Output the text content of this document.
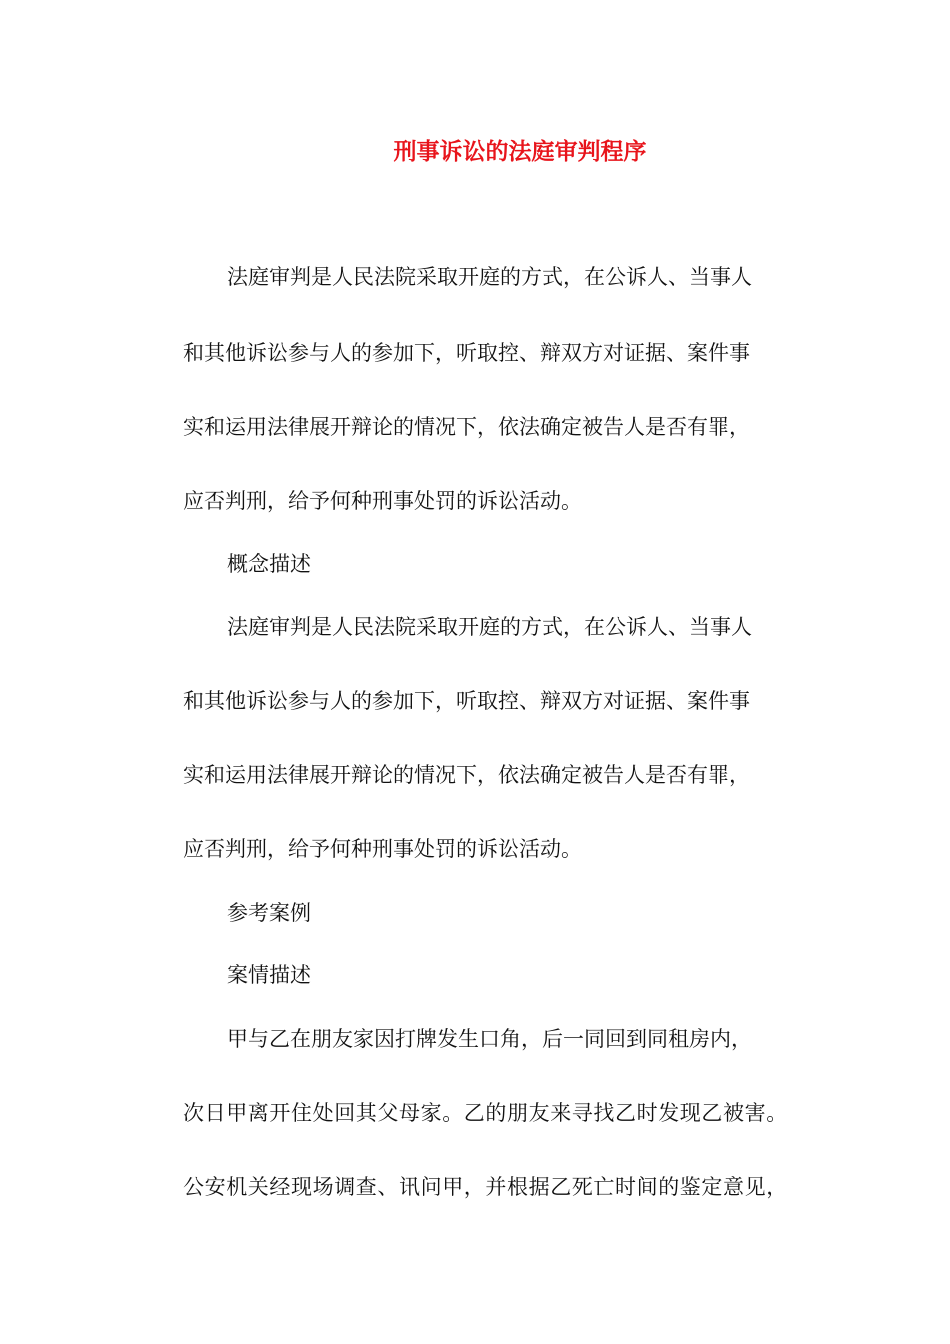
刑事诉讼的法庭审判程序

法庭审判是人民法院采取开庭的方式，在公诉人、当事人

和其他诉讼参与人的参加下，听取控、辩双方对证据、案件事

实和运用法律展开辩论的情况下，依法确定被告人是否有罪，

应否判刑，给予何种刑事处罚的诉讼活动。

概念描述

法庭审判是人民法院采取开庭的方式，在公诉人、当事人

和其他诉讼参与人的参加下，听取控、辩双方对证据、案件事

实和运用法律展开辩论的情况下，依法确定被告人是否有罪，

应否判刑，给予何种刑事处罚的诉讼活动。

参考案例

案情描述

甲与乙在朋友家因打牌发生口角，后一同回到同租房内，

次日甲离开住处回其父母家。乙的朋友来寻找乙时发现乙被害。

公安机关经现场调查、讯问甲，并根据乙死亡时间的鉴定意见，
